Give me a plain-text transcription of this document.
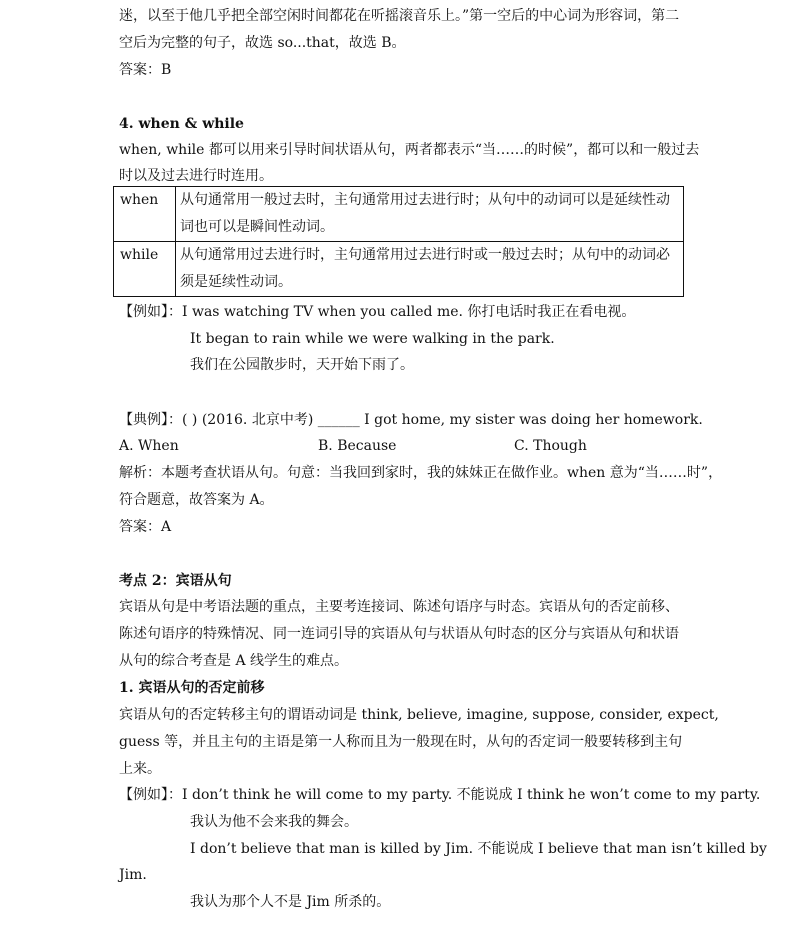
迷，以至于他几乎把全部空闲时间都花在听摇滚音乐上。”第一空后的中心词为形容词，第二
空后为完整的句子，故选 so...that，故选 B。
答案：B
4. when & while
when, while 都可以用来引导时间状语从句，两者都表示“当……的时候”，都可以和一般过去
时以及过去进行时连用。
when	从句通常用一般过去时，主句通常用过去进行时；从句中的动词可以是延续性动
词也可以是瞬间性动词。

while	从句通常用过去进行时，主句通常用过去进行时或一般过去时；从句中的动词必
须是延续性动词。
【例如】：I was watching TV when you called me. 你打电话时我正在看电视。
It began to rain while we were walking in the park.
我们在公园散步时，天开始下雨了。
【典例】：( ) (2016. 北京中考) ______ I got home, my sister was doing her homework.
A. When	B. Because	C. Though
解析：本题考查状语从句。句意：当我回到家时，我的妹妹正在做作业。when 意为“当……时”，
符合题意，故答案为 A。
答案：A
考点 2：宾语从句
宾语从句是中考语法题的重点，主要考连接词、陈述句语序与时态。宾语从句的否定前移、
陈述句语序的特殊情况、同一连词引导的宾语从句与状语从句时态的区分与宾语从句和状语
从句的综合考查是 A 线学生的难点。
1. 宾语从句的否定前移
宾语从句的否定转移主句的谓语动词是 think, believe, imagine, suppose, consider, expect,
guess 等，并且主句的主语是第一人称而且为一般现在时，从句的否定词一般要转移到主句
上来。
【例如】：I don’t think he will come to my party. 不能说成 I think he won’t come to my party.
我认为他不会来我的舞会。
I don’t believe that man is killed by Jim. 不能说成 I believe that man isn’t killed by
Jim.
我认为那个人不是 Jim 所杀的。
